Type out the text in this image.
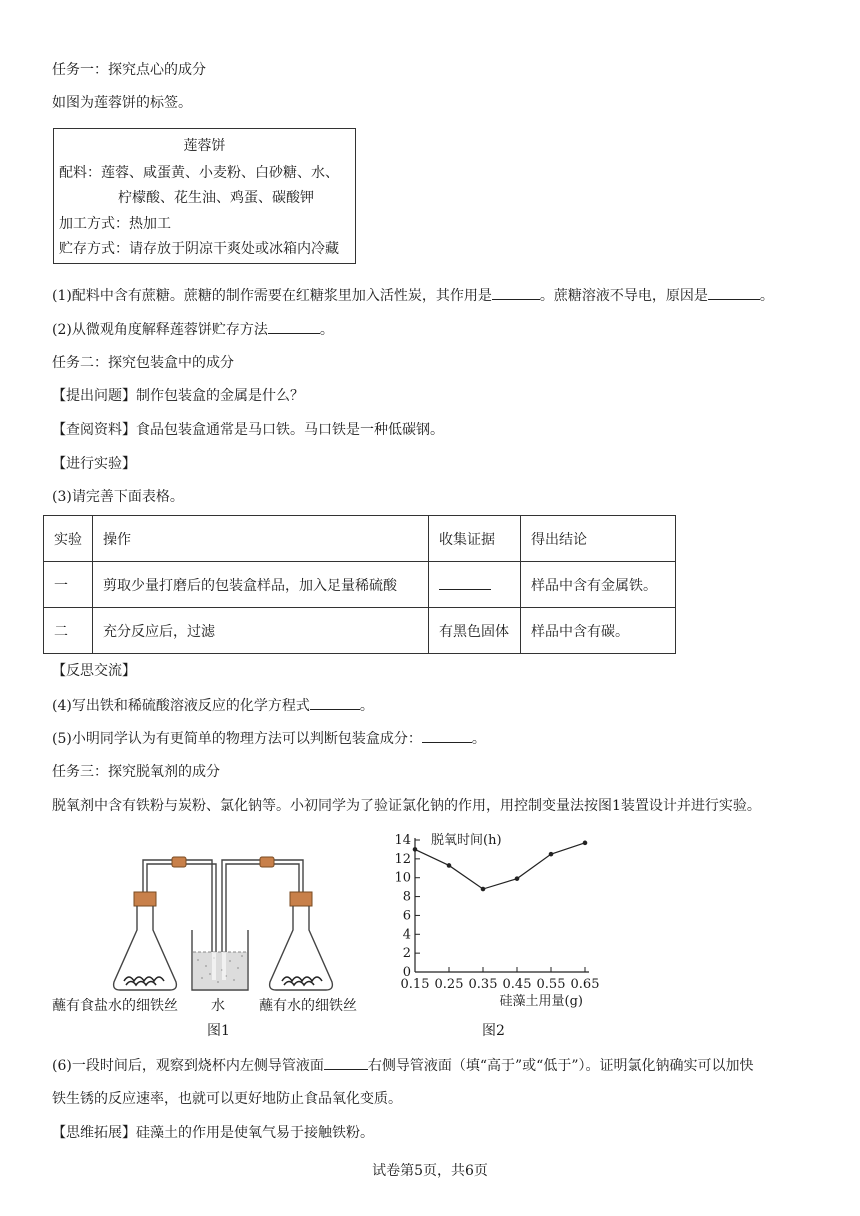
任务一：探究点心的成分
如图为莲蓉饼的标签。
莲蓉饼
配料：莲蓉、咸蛋黄、小麦粉、白砂糖、水、
柠檬酸、花生油、鸡蛋、碳酸钾
加工方式：热加工
贮存方式：请存放于阴凉干爽处或冰箱内冷藏
(1)配料中含有蔗糖。蔗糖的制作需要在红糖浆里加入活性炭，其作用是	。蔗糖溶液不导电，原因是	。
(2)从微观角度解释莲蓉饼贮存方法	。
任务二：探究包装盒中的成分
【提出问题】制作包装盒的金属是什么？
【查阅资料】食品包装盒通常是马口铁。马口铁是一种低碳钢。
【进行实验】
(3)请完善下面表格。
实验	操作	收集证据	得出结论
一	剪取少量打磨后的包装盒样品，加入足量稀硫酸		样品中含有金属铁。
二	充分反应后，过滤	有黑色固体	样品中含有碳。
【反思交流】
(4)写出铁和稀硫酸溶液反应的化学方程式	。
(5)小明同学认为有更简单的物理方法可以判断包装盒成分：	。
任务三：探究脱氧剂的成分
脱氧剂中含有铁粉与炭粉、氯化钠等。小初同学为了验证氯化钠的作用，用控制变量法按图1装置设计并进行实验。
蘸有食盐水的细铁丝 水 蘸有水的细铁丝
图1
0
2
4
6
8
10
12
14
0.15 0.25 0.35 0.45 0.55 0.65
脱氧时间(h)
硅藻土用量(g)
图2
(6)一段时间后，观察到烧杯内左侧导管液面	右侧导管液面（填“高于”或“低于”）。证明氯化钠确实可以加快
铁生锈的反应速率，也就可以更好地防止食品氧化变质。
【思维拓展】硅藻土的作用是使氧气易于接触铁粉。
试卷第5页，共6页
